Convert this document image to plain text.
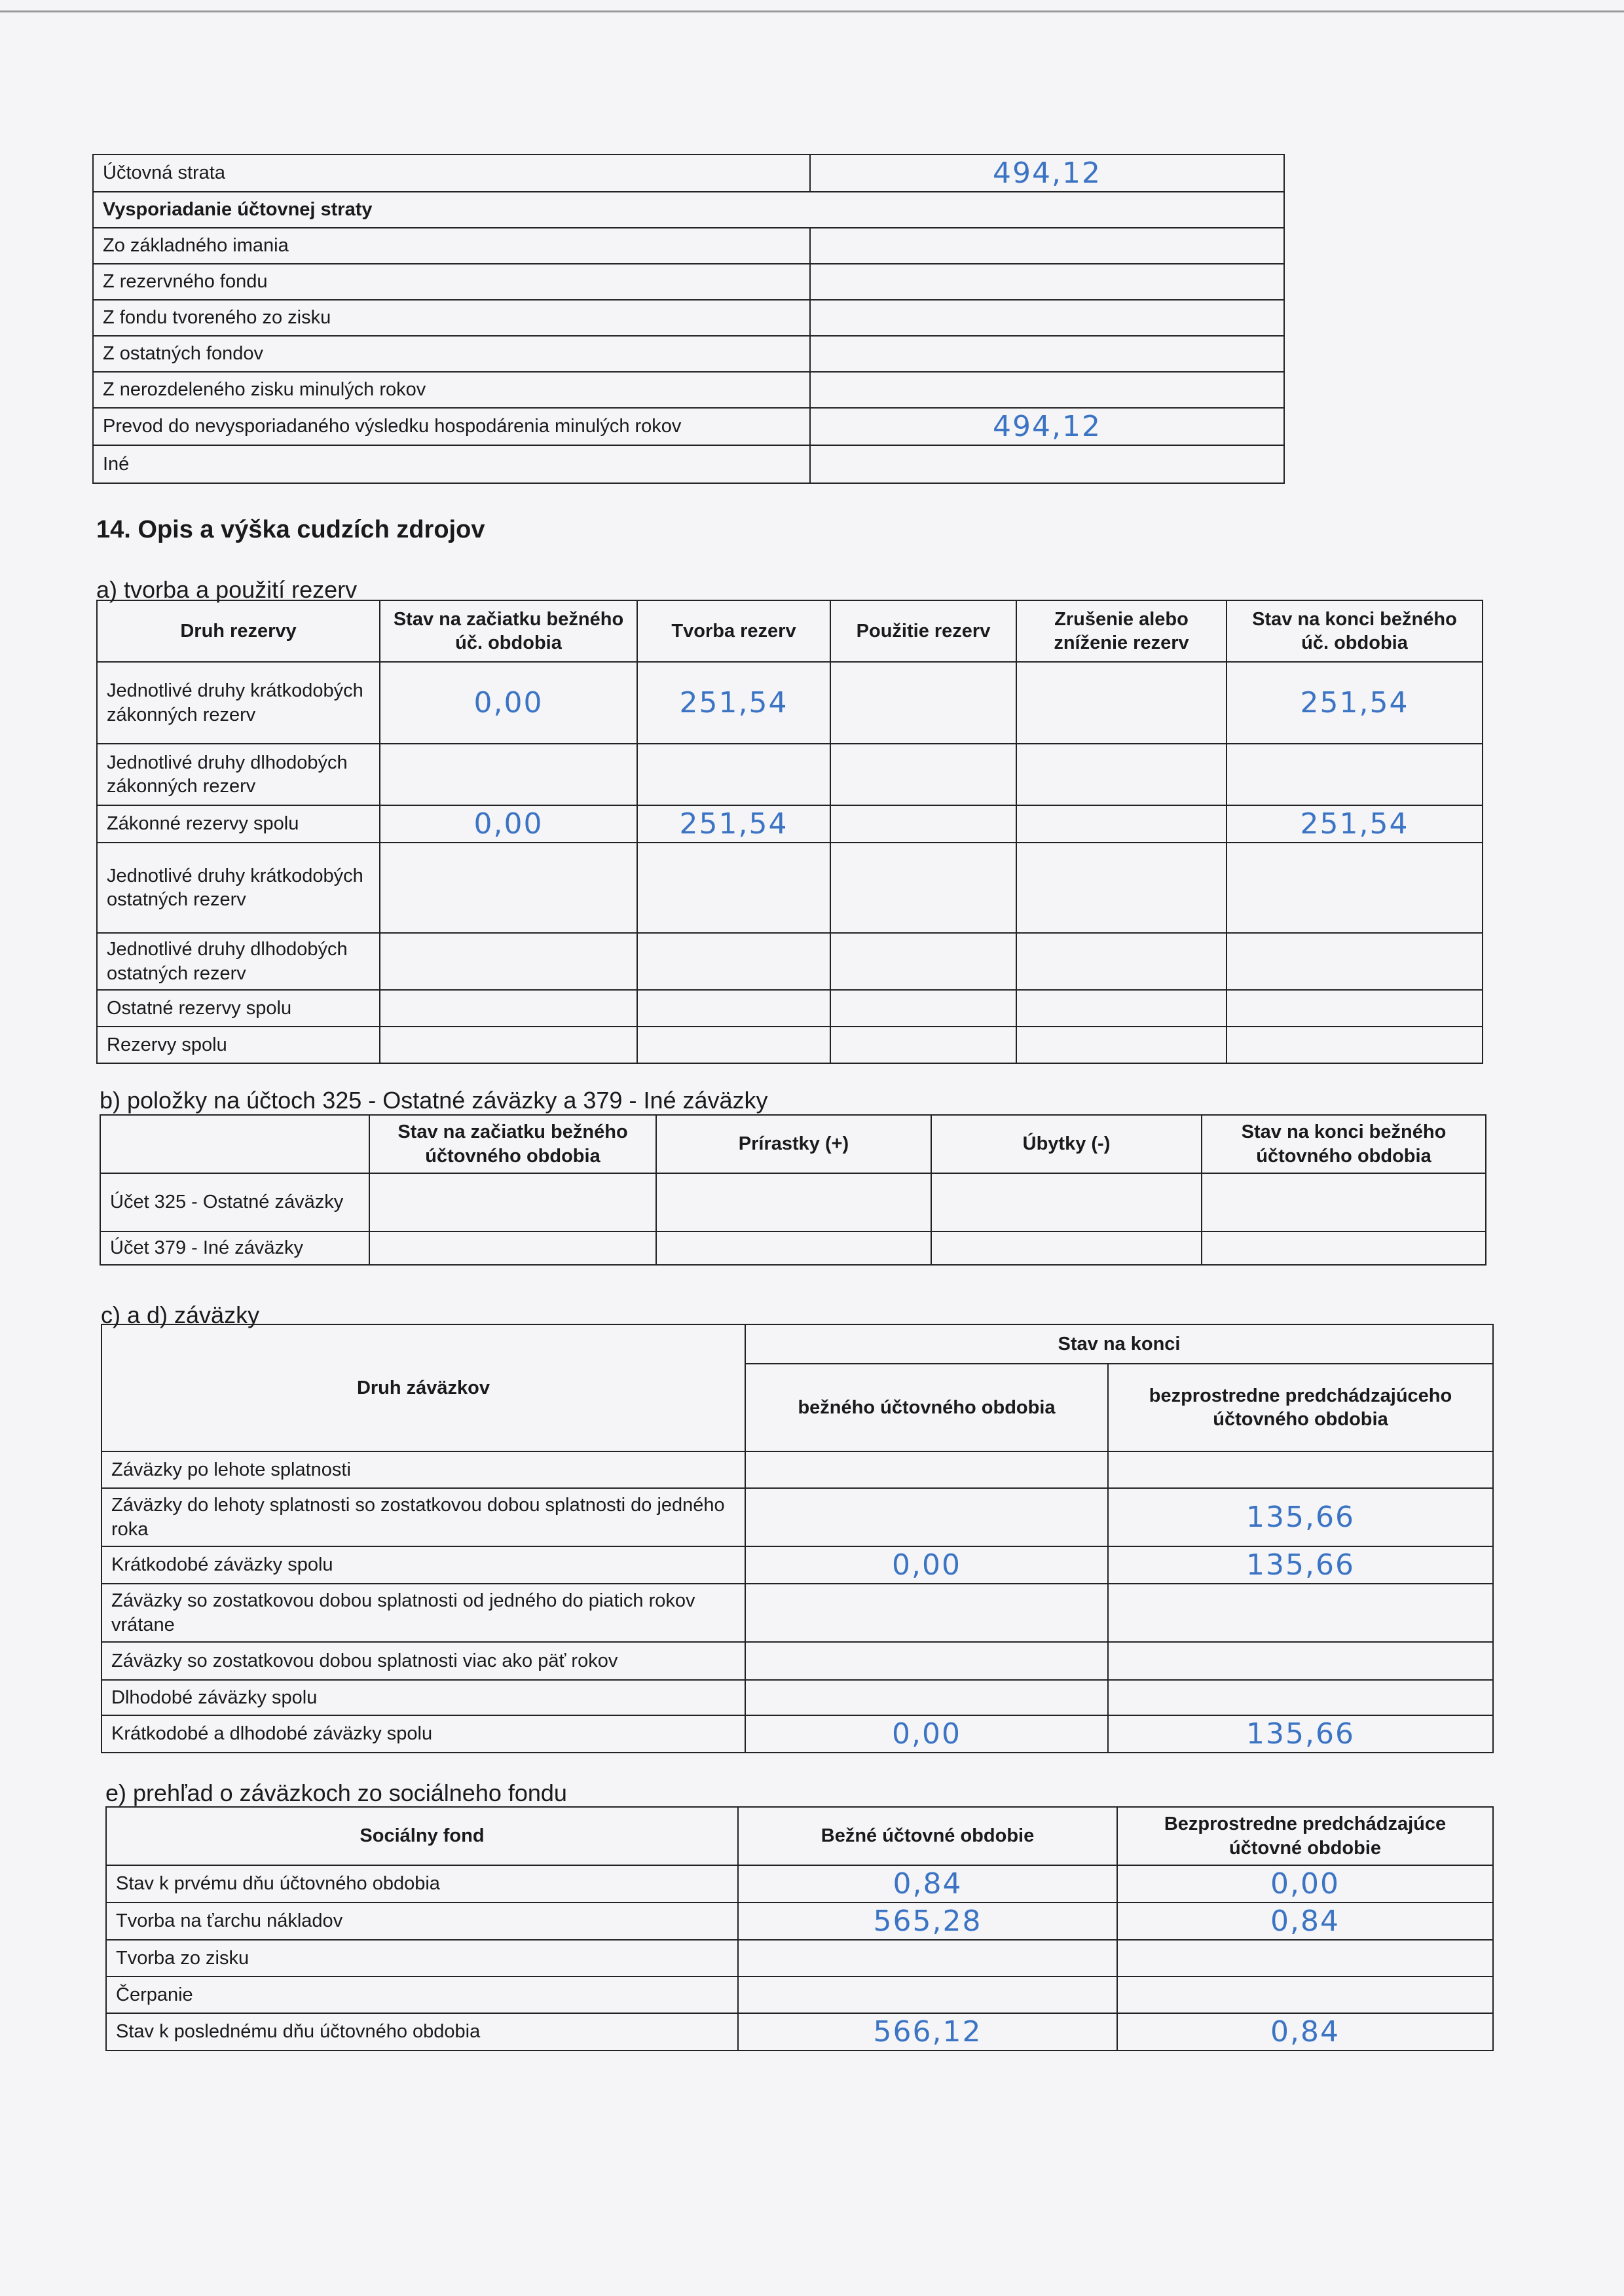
Účtovná strata	494,12
Vysporiadanie účtovnej straty	
Zo základného imania	
Z rezervného fondu	
Z fondu tvoreného zo zisku	
Z ostatných fondov	
Z nerozdeleného zisku minulých rokov	
Prevod do nevysporiadaného výsledku hospodárenia minulých rokov	494,12
Iné	
14. Opis a výška cudzích zdrojov
a) tvorba a použití rezerv
Druh rezervy	Stav na začiatku bežného úč. obdobia	Tvorba rezerv	Použitie rezerv	Zrušenie alebo zníženie rezerv	Stav na konci bežného úč. obdobia
Jednotlivé druhy krátkodobých zákonných rezerv	0,00	251,54			251,54
Jednotlivé druhy dlhodobých zákonných rezerv					
Zákonné rezervy spolu	0,00	251,54			251,54
Jednotlivé druhy krátkodobých ostatných rezerv					
Jednotlivé druhy dlhodobých ostatných rezerv					
Ostatné rezervy spolu					
Rezervy spolu					
b) položky na účtoch 325 - Ostatné záväzky a 379 - Iné záväzky
	Stav na začiatku bežného účtovného obdobia	Prírastky (+)	Úbytky (-)	Stav na konci bežného účtovného obdobia
Účet 325 - Ostatné záväzky				
Účet 379 - Iné záväzky				
c) a d) záväzky
Druh záväzkov	Stav na konci	
	bežného účtovného obdobia	bezprostredne predchádzajúceho účtovného obdobia
Záväzky po lehote splatnosti		
Záväzky do lehoty splatnosti so zostatkovou dobou splatnosti do jedného roka		135,66
Krátkodobé záväzky spolu	0,00	135,66
Záväzky so zostatkovou dobou splatnosti od jedného do piatich rokov vrátane		
Záväzky so zostatkovou dobou splatnosti viac ako päť rokov		
Dlhodobé záväzky spolu		
Krátkodobé a dlhodobé záväzky spolu	0,00	135,66
e) prehľad o záväzkoch zo sociálneho fondu
Sociálny fond	Bežné účtovné obdobie	Bezprostredne predchádzajúce účtovné obdobie
Stav k prvému dňu účtovného obdobia	0,84	0,00
Tvorba na ťarchu nákladov	565,28	0,84
Tvorba zo zisku		
Čerpanie		
Stav k poslednému dňu účtovného obdobia	566,12	0,84
